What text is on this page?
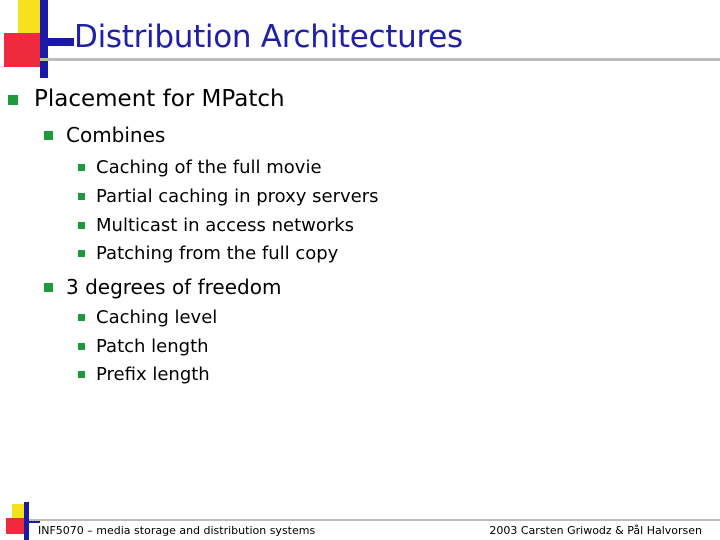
Distribution Architectures
Placement for MPatch
Combines
Caching of the full movie
Partial caching in proxy servers
Multicast in access networks
Patching from the full copy
3 degrees of freedom
Caching level
Patch length
Prefix length
INF5070 – media storage and distribution systems	2003 Carsten Griwodz & Pål Halvorsen
